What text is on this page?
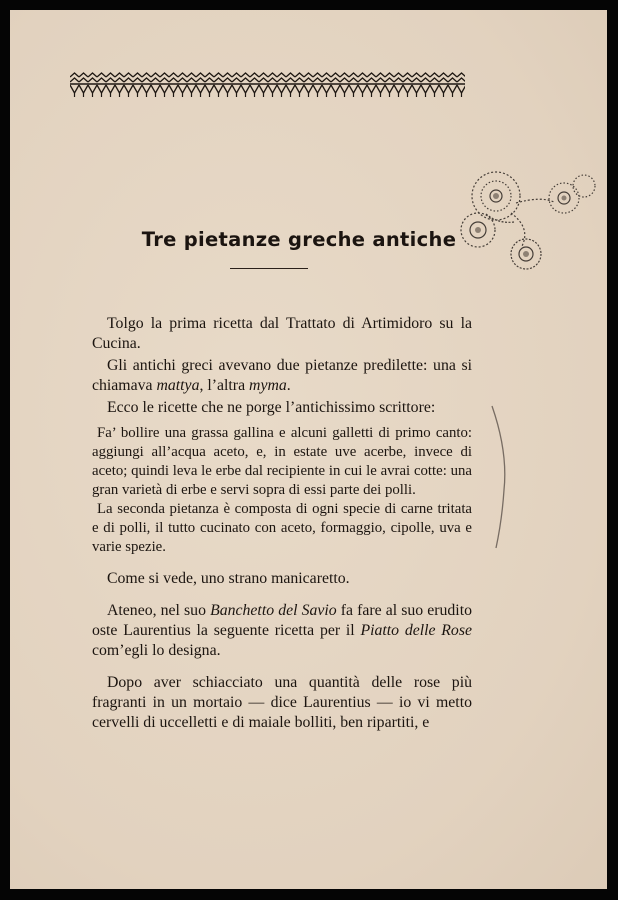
Tre pietanze greche antiche

Tolgo la prima ricetta dal Trattato di Artimidoro su la Cucina.

Gli antichi greci avevano due pietanze predilette: una si chiamava mattya, l’altra myma.

Ecco le ricette che ne porge l’antichissimo scrittore:

Fa’ bollire una grassa gallina e alcuni galletti di primo canto: aggiungi all’acqua aceto, e, in estate uve acerbe, invece di aceto; quindi leva le erbe dal recipiente in cui le avrai cotte: una gran varietà di erbe e servi sopra di essi parte dei polli.

La seconda pietanza è composta di ogni specie di carne tritata e di polli, il tutto cucinato con aceto, formaggio, cipolle, uva e varie spezie.

Come si vede, uno strano manicaretto.

Ateneo, nel suo Banchetto del Savio fa fare al suo erudito oste Laurentius la seguente ricetta per il Piatto delle Rose com’egli lo designa.

Dopo aver schiacciato una quantità delle rose più fragranti in un mortaio — dice Laurentius — io vi metto cervelli di uccelletti e di maiale bolliti, ben ripartiti, e
